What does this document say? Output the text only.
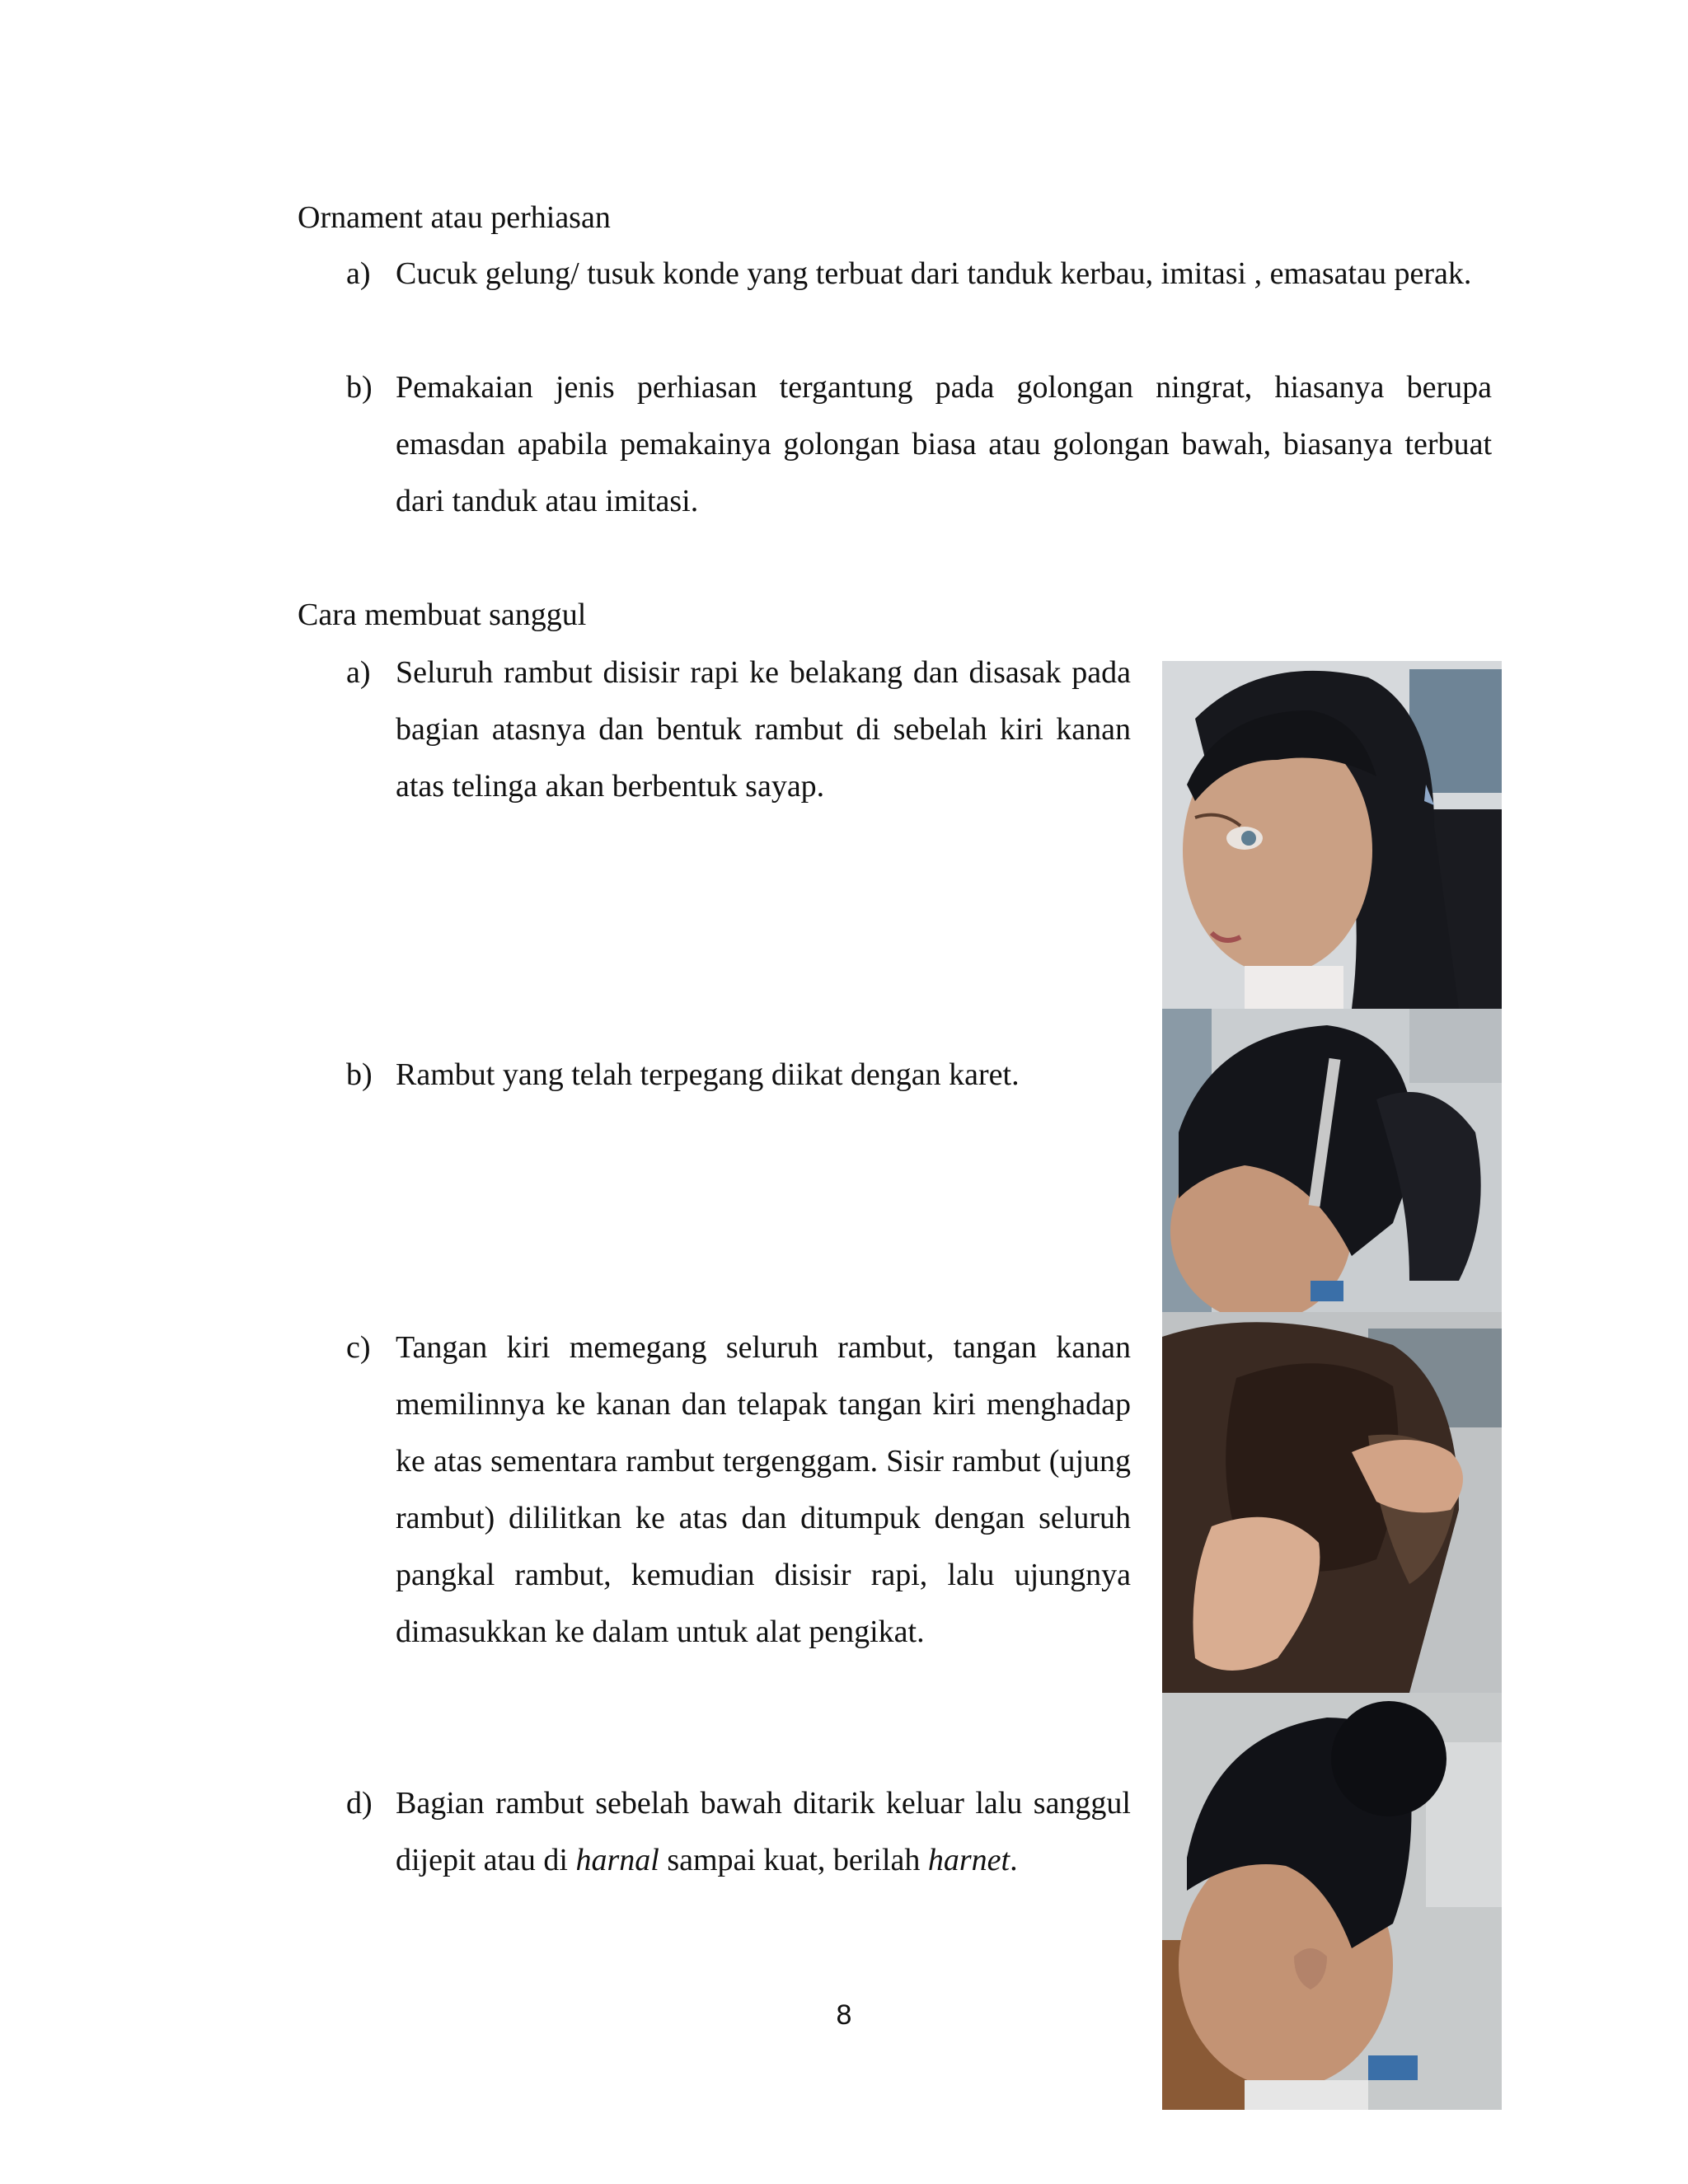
Ornament atau perhiasan
a) Cucuk gelung/ tusuk konde yang terbuat dari tanduk kerbau, imitasi , emasatau perak.
b) Pemakaian jenis perhiasan tergantung pada golongan ningrat, hiasanya berupa emasdan apabila pemakainya golongan biasa atau golongan bawah, biasanya terbuat dari tanduk atau imitasi.
Cara membuat sanggul
a) Seluruh rambut disisir rapi ke belakang dan disasak pada bagian atasnya dan bentuk rambut di sebelah kiri kanan atas telinga akan berbentuk sayap.
b) Rambut yang telah terpegang diikat dengan karet.
c) Tangan kiri memegang seluruh rambut, tangan kanan memilinnya ke kanan dan telapak tangan kiri menghadap ke atas sementara rambut tergenggam. Sisir rambut (ujung rambut) dililitkan ke atas dan ditumpuk dengan seluruh pangkal rambut, kemudian disisir rapi, lalu ujungnya dimasukkan ke dalam untuk alat pengikat.
d) Bagian rambut sebelah bawah ditarik keluar lalu sanggul dijepit atau di harnal sampai kuat, berilah harnet.
8
